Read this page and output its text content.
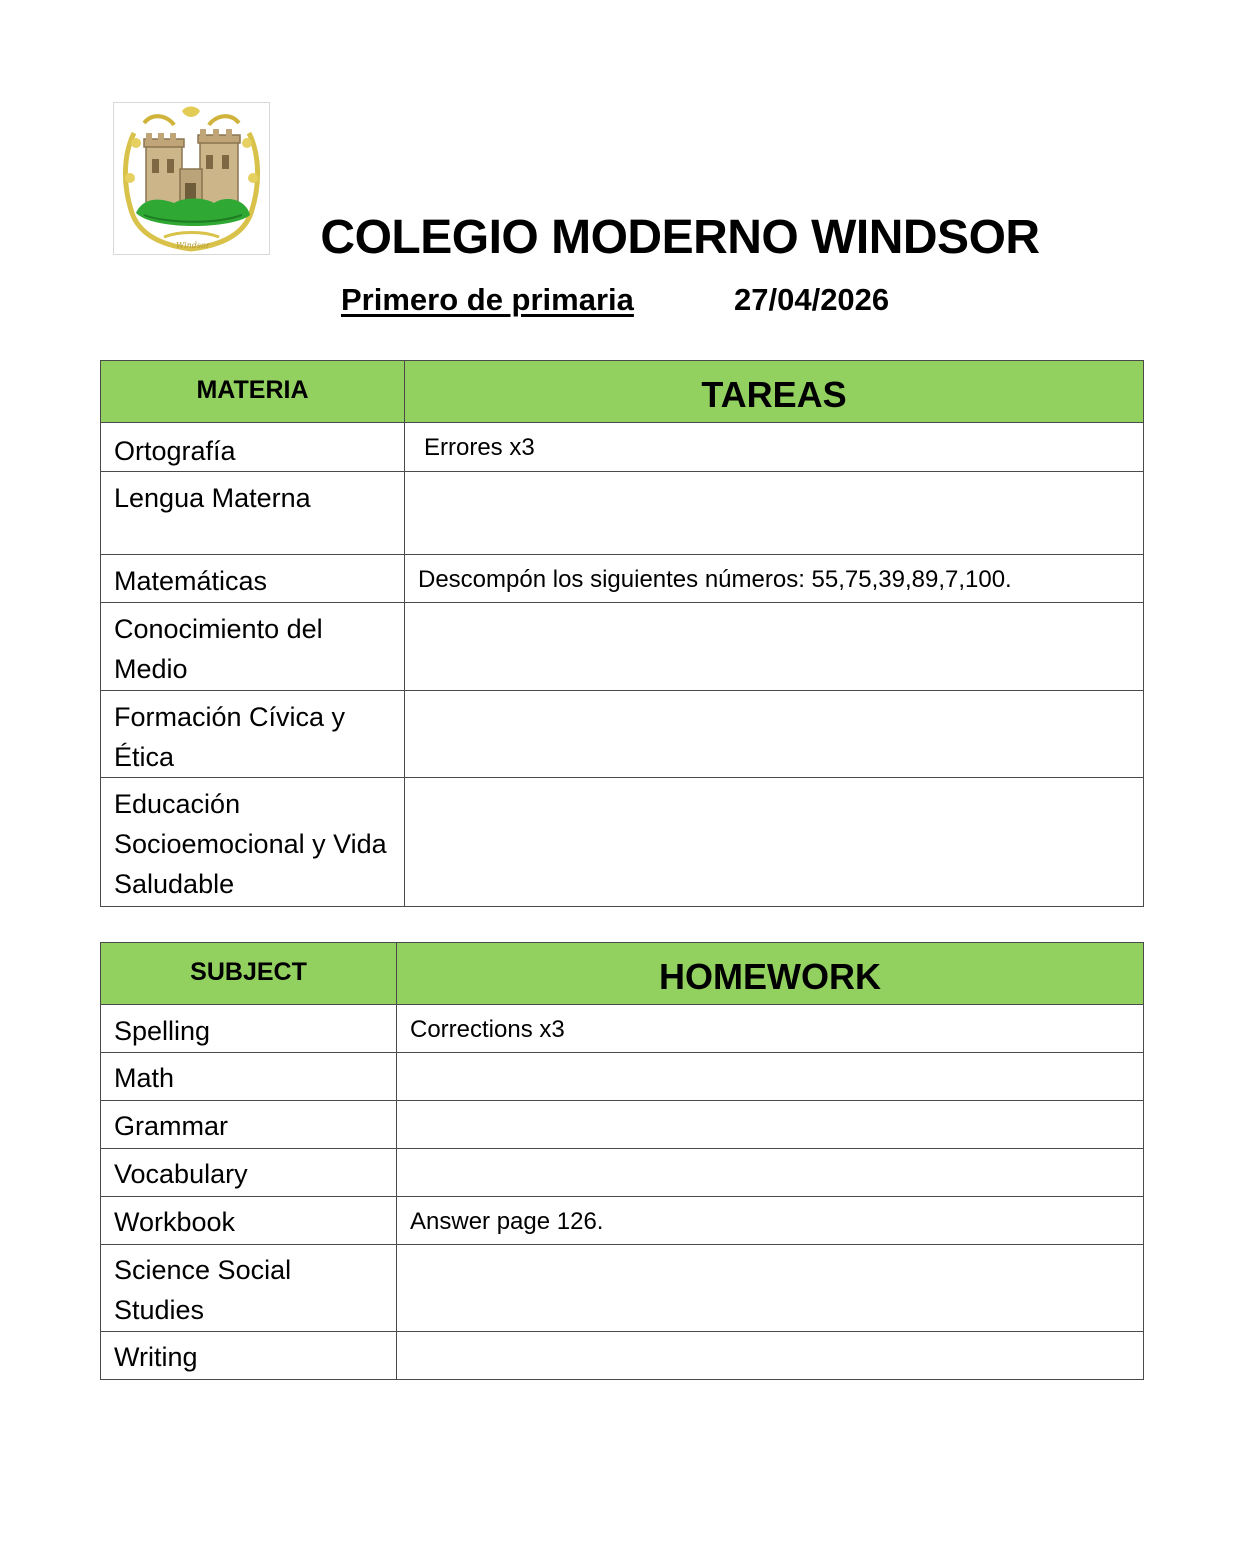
Windsor	COLEGIO MODERNO WINDSOR
Primero de primaria	27/04/2026
MATERIA	TAREAS
Ortografía	Errores x3
Lengua Materna	
Matemáticas	Descompón los siguientes números: 55,75,39,89,7,100.
Conocimiento del Medio	
Formación Cívica y Ética	
Educación Socioemocional y Vida Saludable	
SUBJECT	HOMEWORK
Spelling	Corrections x3
Math	
Grammar	
Vocabulary	
Workbook	Answer page 126.
Science Social Studies	
Writing	
